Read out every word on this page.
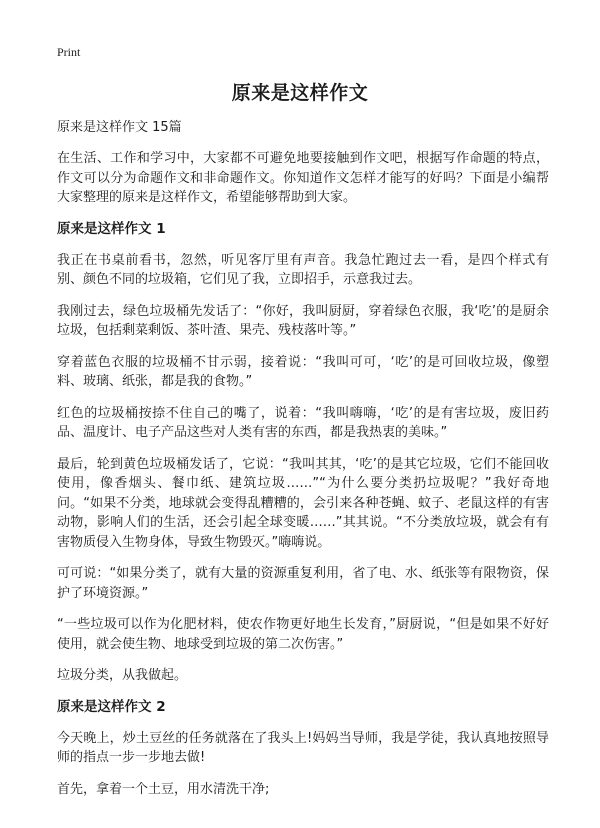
Print
原来是这样作文
原来是这样作文 15篇

在生活、工作和学习中，大家都不可避免地要接触到作文吧，根据写作命题的特点，作文可以分为命题作文和非命题作文。你知道作文怎样才能写的好吗？下面是小编帮大家整理的原来是这样作文，希望能够帮助到大家。

原来是这样作文 1

我正在书桌前看书，忽然，听见客厅里有声音。我急忙跑过去一看，是四个样式有别、颜色不同的垃圾箱，它们见了我，立即招手，示意我过去。

我刚过去，绿色垃圾桶先发话了：“你好，我叫厨厨，穿着绿色衣服，我‘吃’的是厨余垃圾，包括剩菜剩饭、茶叶渣、果壳、残枝落叶等。”

穿着蓝色衣服的垃圾桶不甘示弱，接着说：“我叫可可，‘吃’的是可回收垃圾，像塑料、玻璃、纸张，都是我的食物。”

红色的垃圾桶按捺不住自己的嘴了，说着：“我叫嗨嗨，‘吃’的是有害垃圾，废旧药品、温度计、电子产品这些对人类有害的东西，都是我热衷的美味。”

最后，轮到黄色垃圾桶发话了，它说：“我叫其其，‘吃’的是其它垃圾，它们不能回收使用，像香烟头、餐巾纸、建筑垃圾……”“为什么要分类扔垃圾呢？”我好奇地问。“如果不分类，地球就会变得乱糟糟的，会引来各种苍蝇、蚊子、老鼠这样的有害动物，影响人们的生活，还会引起全球变暖……”其其说。“不分类放垃圾，就会有有害物质侵入生物身体，导致生物毁灭。”嗨嗨说。

可可说：“如果分类了，就有大量的资源重复利用，省了电、水、纸张等有限物资，保护了环境资源。”

“一些垃圾可以作为化肥材料，使农作物更好地生长发育，”厨厨说，“但是如果不好好使用，就会使生物、地球受到垃圾的第二次伤害。”

垃圾分类，从我做起。

原来是这样作文 2

今天晚上，炒土豆丝的任务就落在了我头上!妈妈当导师，我是学徒，我认真地按照导师的指点一步一步地去做!

首先，拿着一个土豆，用水清洗干净;
